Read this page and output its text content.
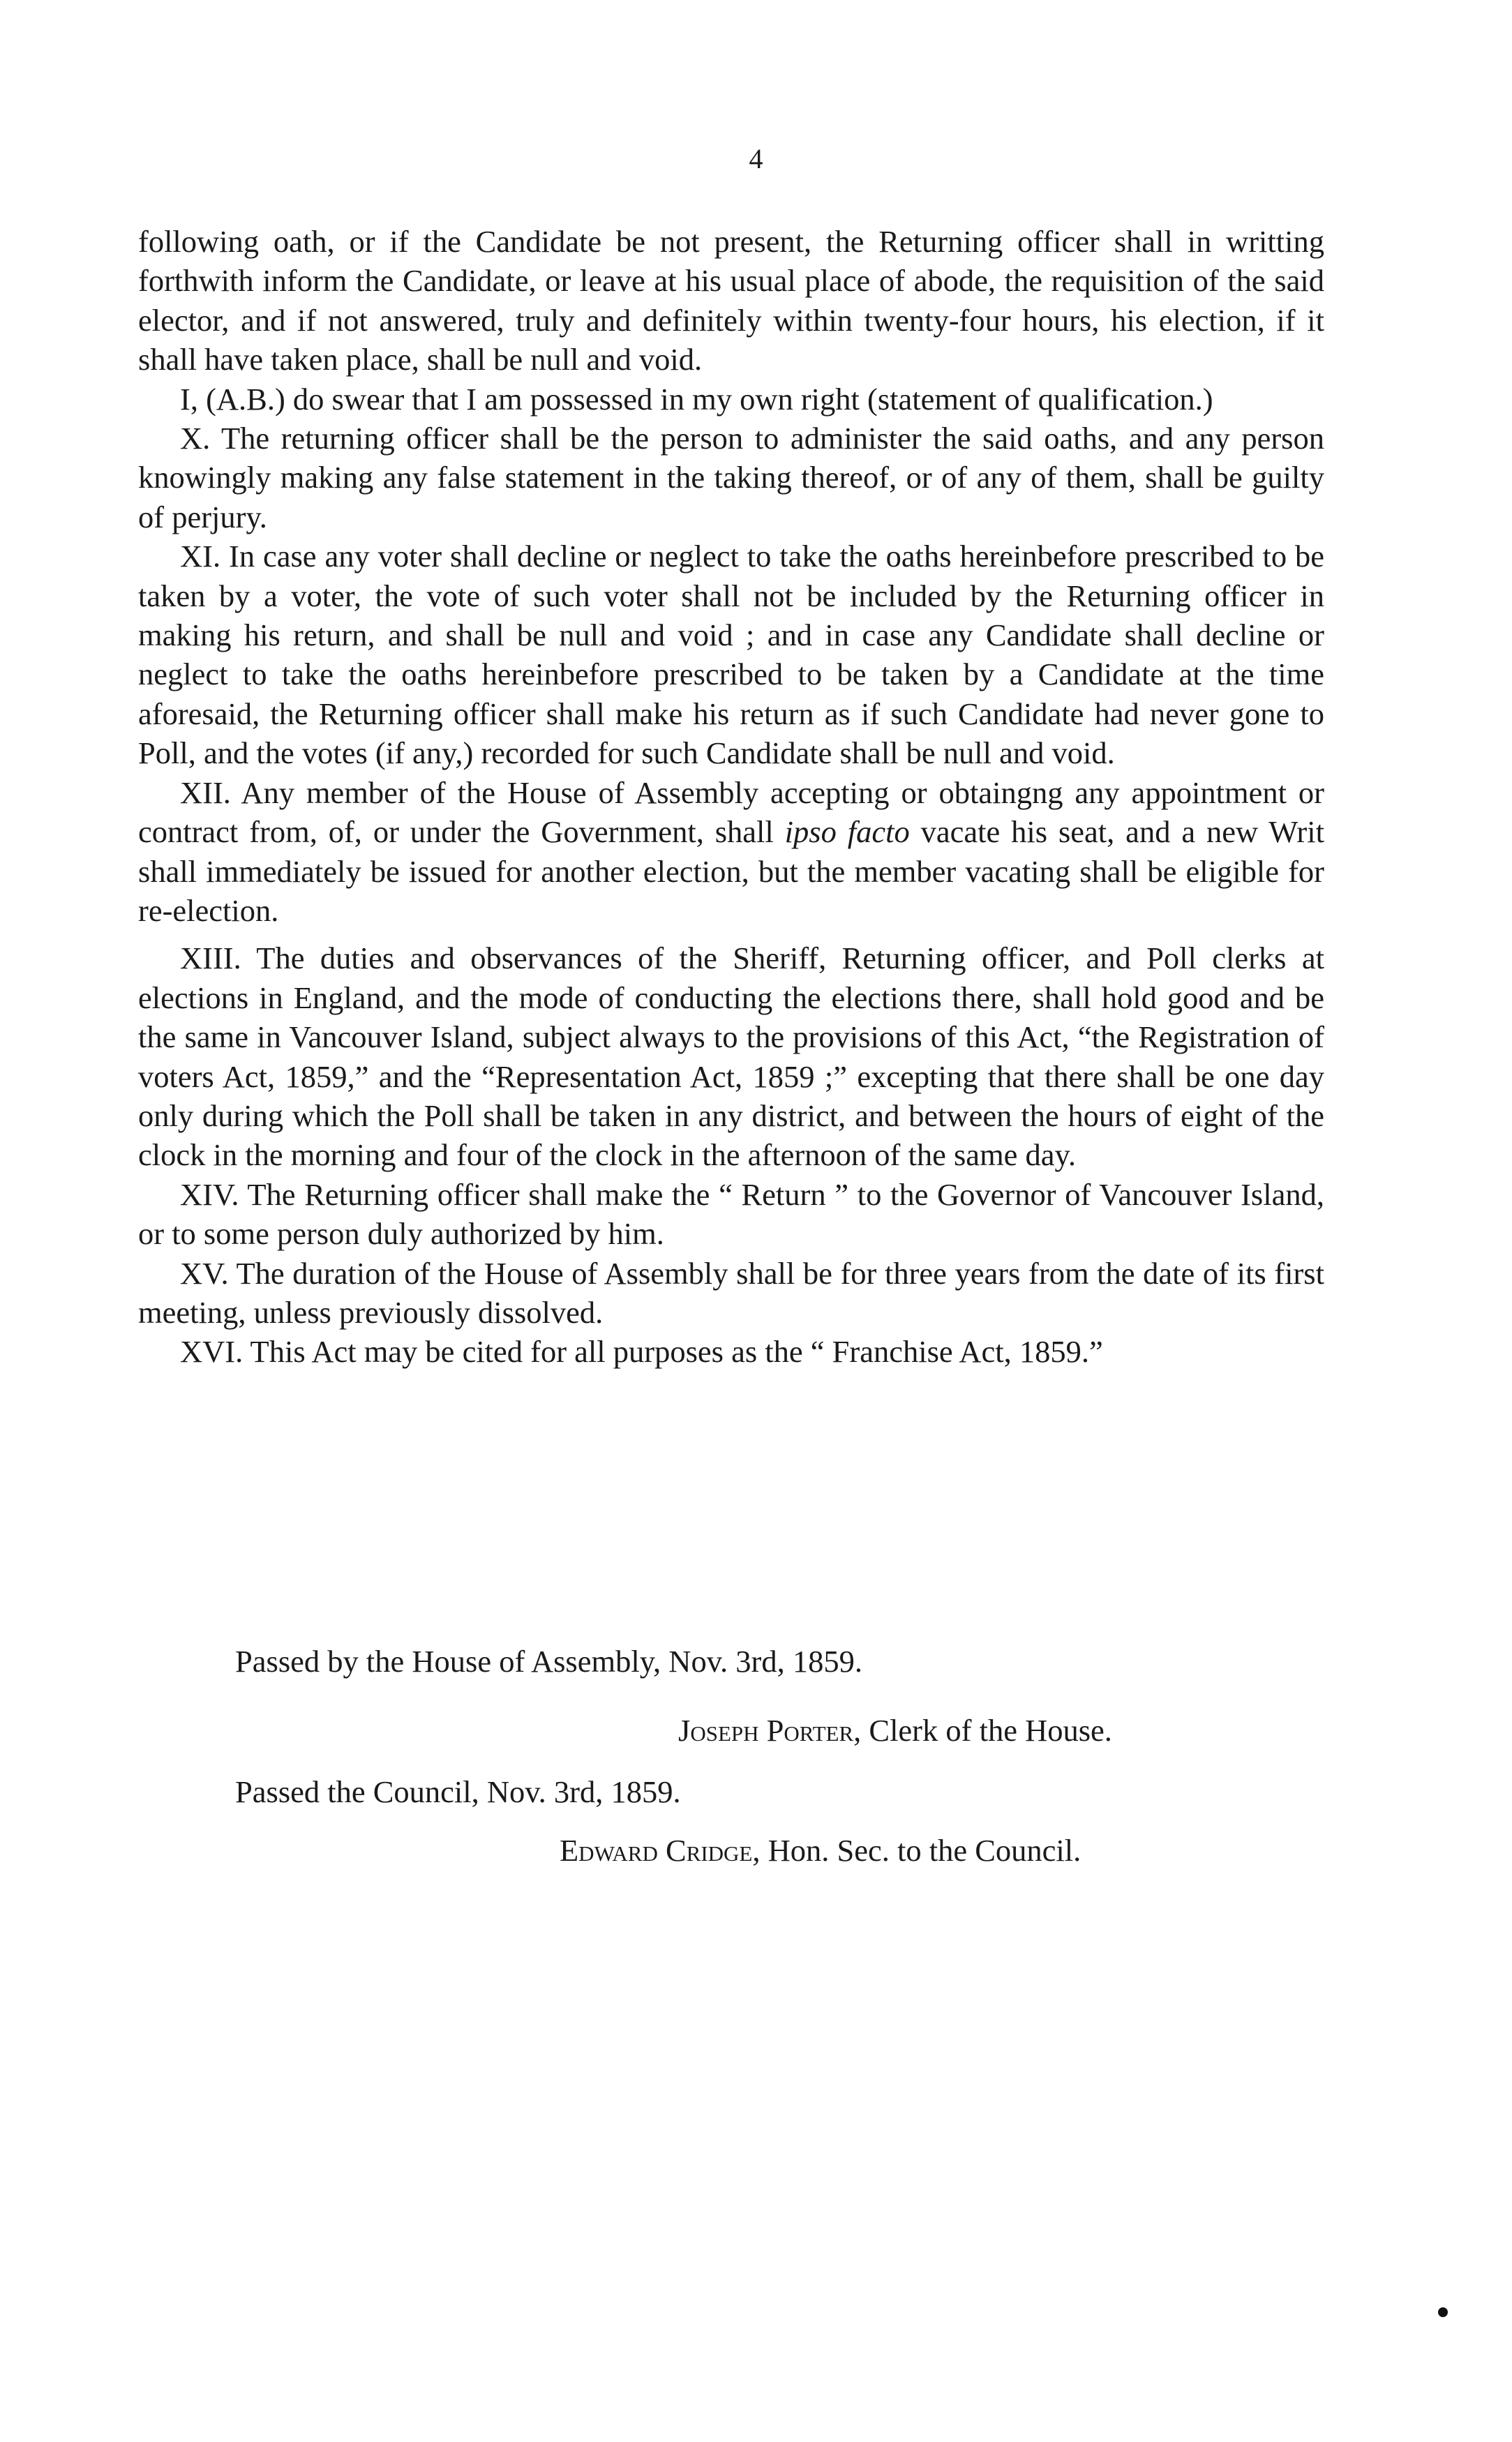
4

following oath, or if the Candidate be not present, the Returning officer shall in writting forthwith inform the Candidate, or leave at his usual place of abode, the requisition of the said elector, and if not answered, truly and definitely within twenty-four hours, his election, if it shall have taken place, shall be null and void.

I, (A.B.) do swear that I am possessed in my own right (statement of qualification.)

X. The returning officer shall be the person to administer the said oaths, and any person knowingly making any false statement in the taking thereof, or of any of them, shall be guilty of perjury.

XI. In case any voter shall decline or neglect to take the oaths hereinbefore prescribed to be taken by a voter, the vote of such voter shall not be included by the Returning officer in making his return, and shall be null and void ; and in case any Candidate shall decline or neglect to take the oaths hereinbefore prescribed to be taken by a Candidate at the time aforesaid, the Returning officer shall make his return as if such Candidate had never gone to Poll, and the votes (if any,) recorded for such Candidate shall be null and void.

XII. Any member of the House of Assembly accepting or obtaingng any appointment or contract from, of, or under the Government, shall ipso facto vacate his seat, and a new Writ shall immediately be issued for another election, but the member vacating shall be eligible for re-election.

XIII. The duties and observances of the Sheriff, Returning officer, and Poll clerks at elections in England, and the mode of conducting the elections there, shall hold good and be the same in Vancouver Island, subject always to the provisions of this Act, “the Registration of voters Act, 1859,” and the “Representation Act, 1859 ;” excepting that there shall be one day only during which the Poll shall be taken in any district, and between the hours of eight of the clock in the morning and four of the clock in the afternoon of the same day.

XIV. The Returning officer shall make the “ Return ” to the Governor of Vancouver Island, or to some person duly authorized by him.

XV. The duration of the House of Assembly shall be for three years from the date of its first meeting, unless previously dissolved.

XVI. This Act may be cited for all purposes as the “ Franchise Act, 1859.”

Passed by the House of Assembly, Nov. 3rd, 1859.
Joseph Porter, Clerk of the House.
Passed the Council, Nov. 3rd, 1859.
Edward Cridge, Hon. Sec. to the Council.
